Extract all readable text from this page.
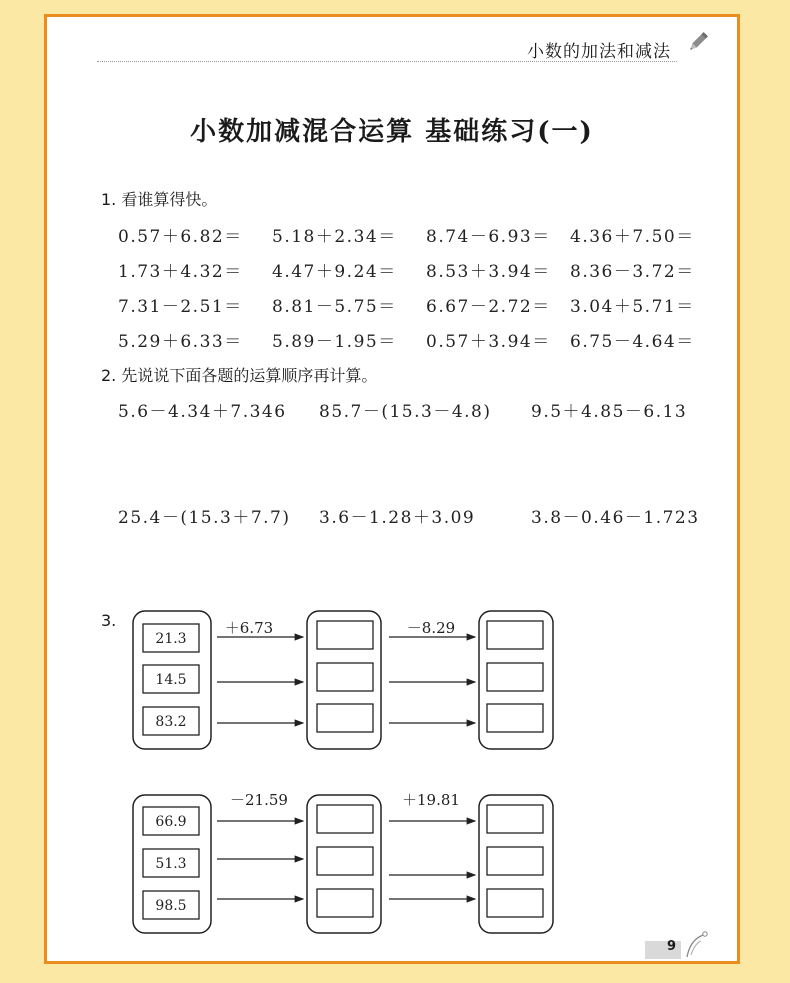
小数的加法和减法
小数加减混合运算 基础练习(一)
1. 看谁算得快。
0.57＋6.82＝ 5.18＋2.34＝ 8.74－6.93＝ 4.36＋7.50＝
1.73＋4.32＝ 4.47＋9.24＝ 8.53＋3.94＝ 8.36－3.72＝
7.31－2.51＝ 8.81－5.75＝ 6.67－2.72＝ 3.04＋5.71＝
5.29＋6.33＝ 5.89－1.95＝ 0.57＋3.94＝ 6.75－4.64＝
2. 先说说下面各题的运算顺序再计算。
5.6－4.34＋7.346 85.7－(15.3－4.8) 9.5＋4.85－6.13
25.4－(15.3＋7.7) 3.6－1.28＋3.09	3.8－0.46－1.723
3.
21.3
14.5
83.2
＋6.73	－8.29
66.9
51.3
98.5
－21.59	＋19.81
9
